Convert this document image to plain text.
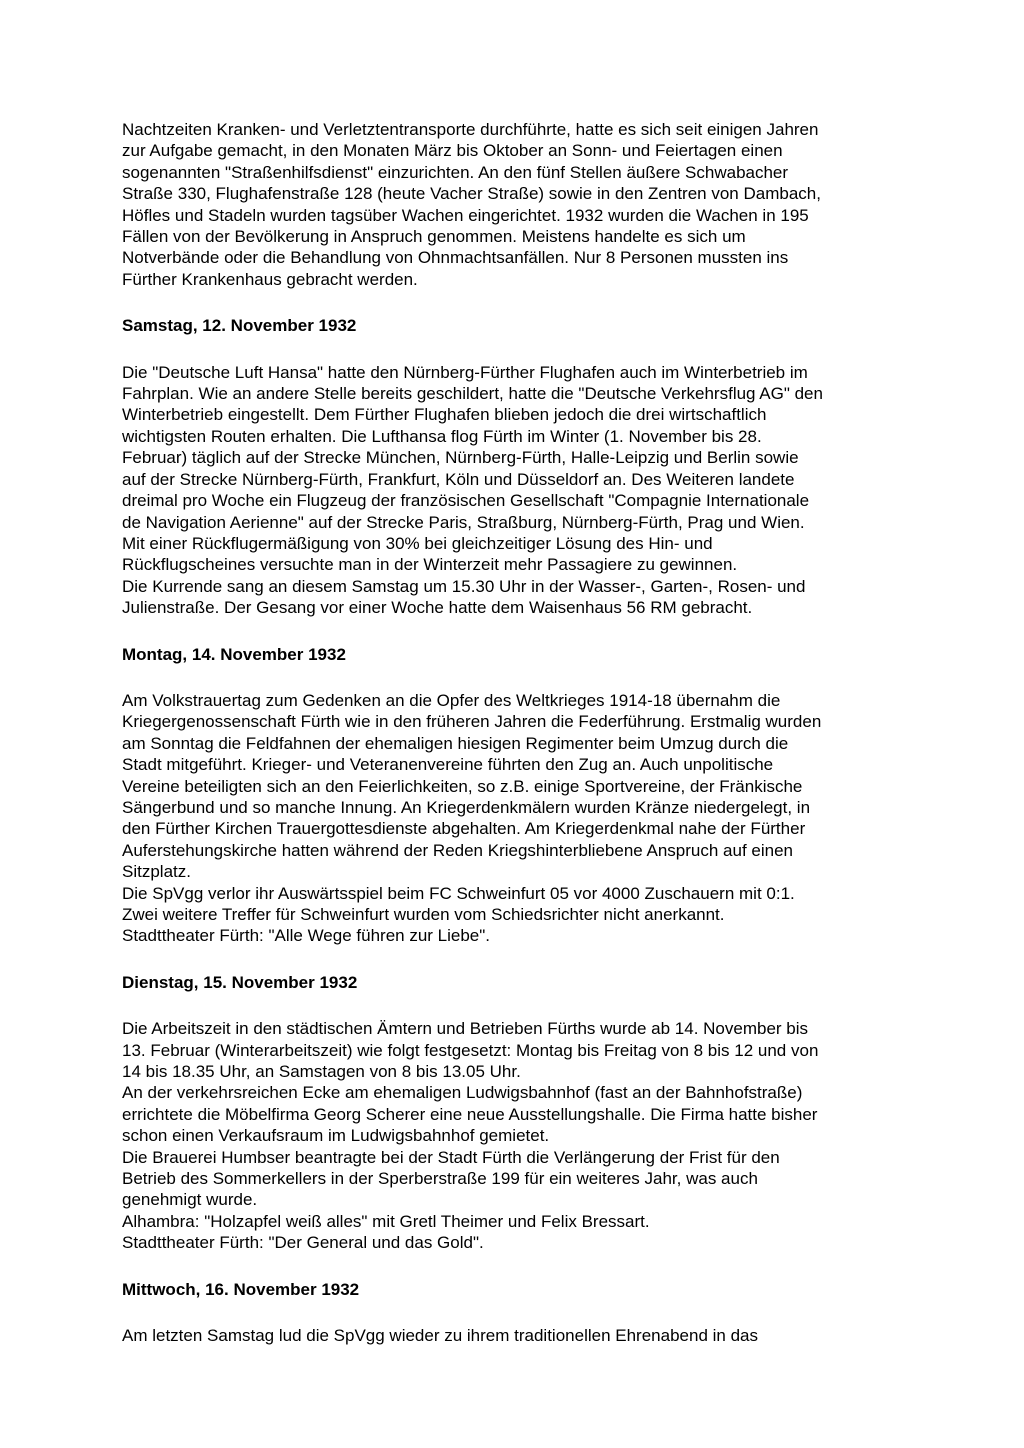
Nachtzeiten Kranken- und Verletztentransporte durchführte, hatte es sich seit einigen Jahren
zur Aufgabe gemacht, in den Monaten März bis Oktober an Sonn- und Feiertagen einen
sogenannten "Straßenhilfsdienst" einzurichten. An den fünf Stellen äußere Schwabacher
Straße 330, Flughafenstraße 128 (heute Vacher Straße) sowie in den Zentren von Dambach,
Höfles und Stadeln wurden tagsüber Wachen eingerichtet. 1932 wurden die Wachen in 195
Fällen von der Bevölkerung in Anspruch genommen. Meistens handelte es sich um
Notverbände oder die Behandlung von Ohnmachtsanfällen. Nur 8 Personen mussten ins
Fürther Krankenhaus gebracht werden.
Samstag, 12. November 1932
Die "Deutsche Luft Hansa" hatte den Nürnberg-Fürther Flughafen auch im Winterbetrieb im
Fahrplan. Wie an andere Stelle bereits geschildert, hatte die "Deutsche Verkehrsflug AG" den
Winterbetrieb eingestellt. Dem Fürther Flughafen blieben jedoch die drei wirtschaftlich
wichtigsten Routen erhalten. Die Lufthansa flog Fürth im Winter (1. November bis 28.
Februar) täglich auf der Strecke München, Nürnberg-Fürth, Halle-Leipzig und Berlin sowie
auf der Strecke Nürnberg-Fürth, Frankfurt, Köln und Düsseldorf an. Des Weiteren landete
dreimal pro Woche ein Flugzeug der französischen Gesellschaft "Compagnie Internationale
de Navigation Aerienne" auf der Strecke Paris, Straßburg, Nürnberg-Fürth, Prag und Wien.
Mit einer Rückflugermäßigung von 30% bei gleichzeitiger Lösung des Hin- und
Rückflugscheines versuchte man in der Winterzeit mehr Passagiere zu gewinnen.
Die Kurrende sang an diesem Samstag um 15.30 Uhr in der Wasser-, Garten-, Rosen- und
Julienstraße. Der Gesang vor einer Woche hatte dem Waisenhaus 56 RM gebracht.
Montag, 14. November 1932
Am Volkstrauertag zum Gedenken an die Opfer des Weltkrieges 1914-18 übernahm die
Kriegergenossenschaft Fürth wie in den früheren Jahren die Federführung. Erstmalig wurden
am Sonntag die Feldfahnen der ehemaligen hiesigen Regimenter beim Umzug durch die
Stadt mitgeführt. Krieger- und Veteranenvereine führten den Zug an. Auch unpolitische
Vereine beteiligten sich an den Feierlichkeiten, so z.B. einige Sportvereine, der Fränkische
Sängerbund und so manche Innung. An Kriegerdenkmälern wurden Kränze niedergelegt, in
den Fürther Kirchen Trauergottesdienste abgehalten. Am Kriegerdenkmal nahe der Fürther
Auferstehungskirche hatten während der Reden Kriegshinterbliebene Anspruch auf einen
Sitzplatz.
Die SpVgg verlor ihr Auswärtsspiel beim FC Schweinfurt 05 vor 4000 Zuschauern mit 0:1.
Zwei weitere Treffer für Schweinfurt wurden vom Schiedsrichter nicht anerkannt.
Stadttheater Fürth: "Alle Wege führen zur Liebe".
Dienstag, 15. November 1932
Die Arbeitszeit in den städtischen Ämtern und Betrieben Fürths wurde ab 14. November bis
13. Februar (Winterarbeitszeit) wie folgt festgesetzt: Montag bis Freitag von 8 bis 12 und von
14 bis 18.35 Uhr, an Samstagen von 8 bis 13.05 Uhr.
An der verkehrsreichen Ecke am ehemaligen Ludwigsbahnhof (fast an der Bahnhofstraße)
errichtete die Möbelfirma Georg Scherer eine neue Ausstellungshalle. Die Firma hatte bisher
schon einen Verkaufsraum im Ludwigsbahnhof gemietet.
Die Brauerei Humbser beantragte bei der Stadt Fürth die Verlängerung der Frist für den
Betrieb des Sommerkellers in der Sperberstraße 199 für ein weiteres Jahr, was auch
genehmigt wurde.
Alhambra: "Holzapfel weiß alles" mit Gretl Theimer und Felix Bressart.
Stadttheater Fürth: "Der General und das Gold".
Mittwoch, 16. November 1932
Am letzten Samstag lud die SpVgg wieder zu ihrem traditionellen Ehrenabend in das
